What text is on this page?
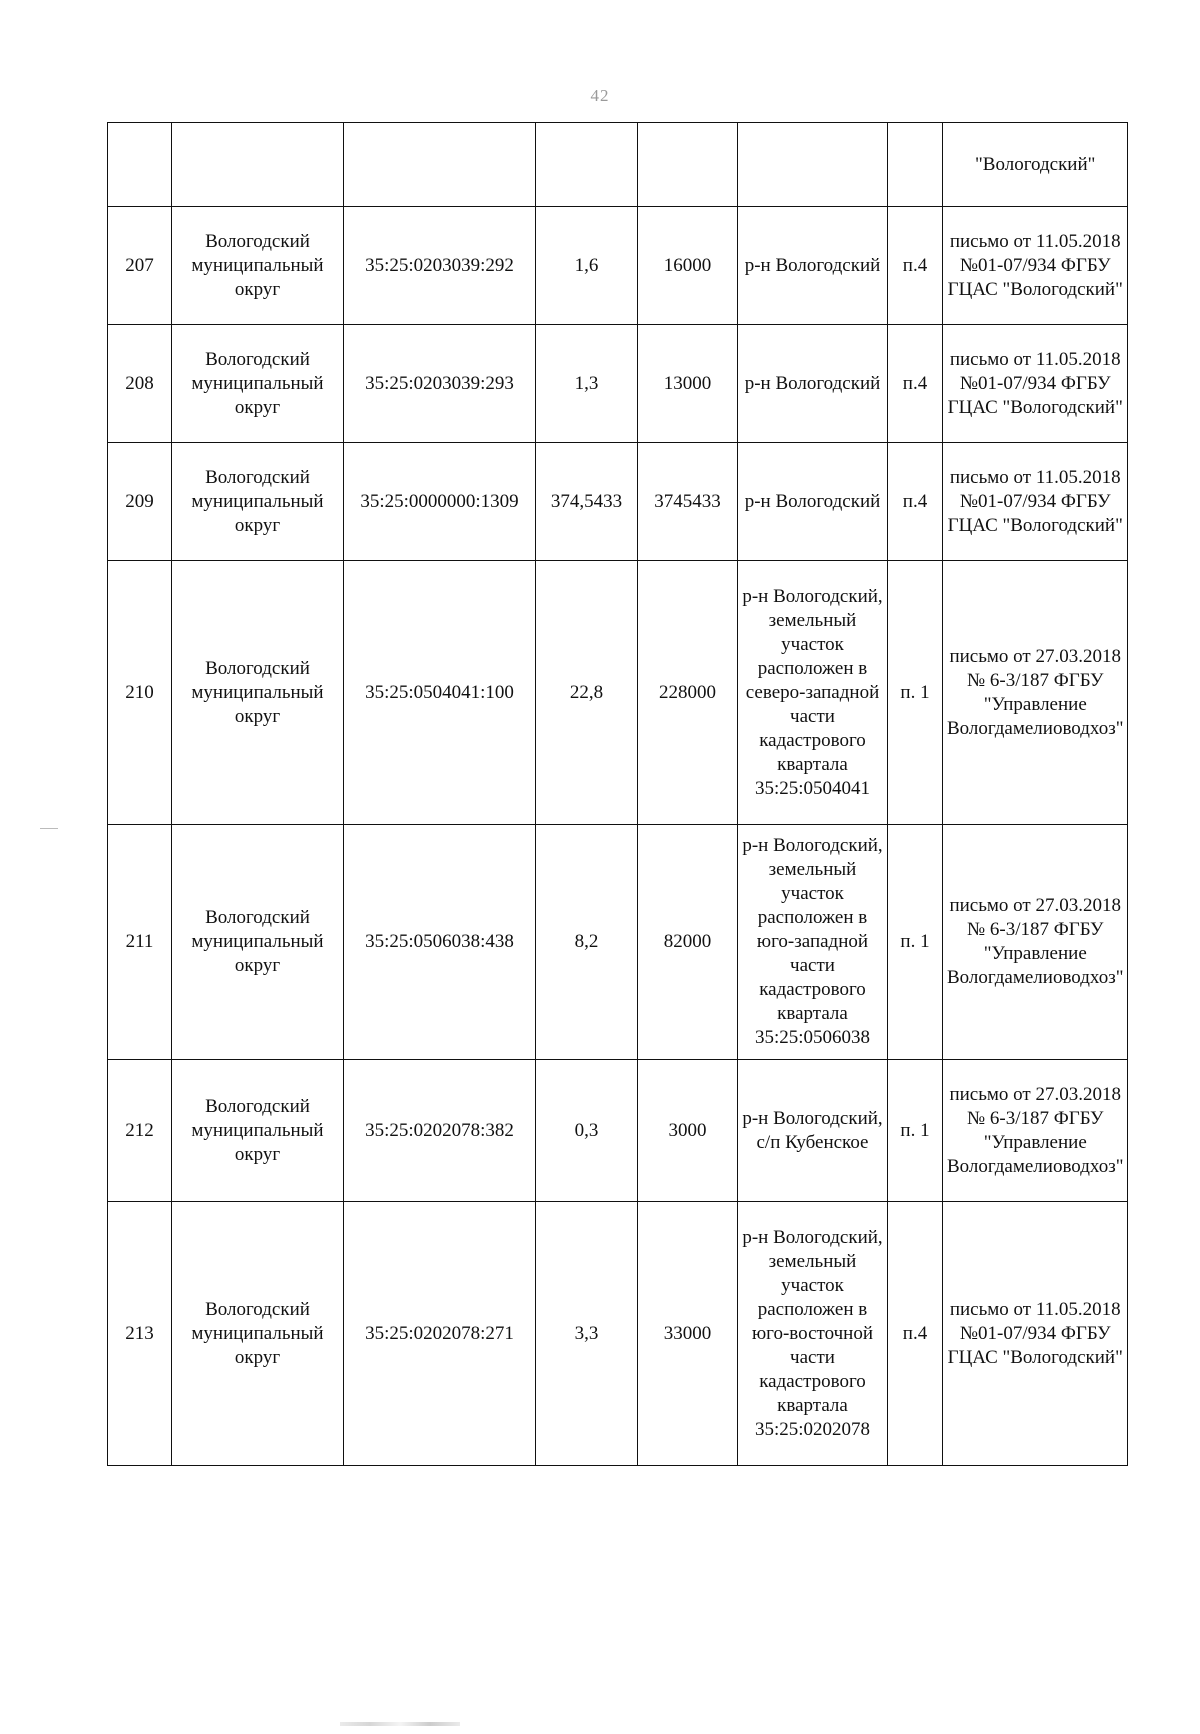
42
							"Вологодский"
207	Вологодский муниципальный округ	35:25:0203039:292	1,6	16000	р-н Вологодский	п.4	письмо от 11.05.2018 №01-07/934 ФГБУ ГЦАС "Вологодский"
208	Вологодский муниципальный округ	35:25:0203039:293	1,3	13000	р-н Вологодский	п.4	письмо от 11.05.2018 №01-07/934 ФГБУ ГЦАС "Вологодский"
209	Вологодский муниципальный округ	35:25:0000000:1309	374,5433	3745433	р-н Вологодский	п.4	письмо от 11.05.2018 №01-07/934 ФГБУ ГЦАС "Вологодский"
210	Вологодский муниципальный округ	35:25:0504041:100	22,8	228000	р-н Вологодский, земельный участок расположен в северо-западной части кадастрового квартала 35:25:0504041	п. 1	письмо от 27.03.2018 № 6-3/187 ФГБУ "Управление Вологдамелиоводхоз"
211	Вологодский муниципальный округ	35:25:0506038:438	8,2	82000	р-н Вологодский, земельный участок расположен в юго-западной части кадастрового квартала 35:25:0506038	п. 1	письмо от 27.03.2018 № 6-3/187 ФГБУ "Управление Вологдамелиоводхоз"
212	Вологодский муниципальный округ	35:25:0202078:382	0,3	3000	р-н Вологодский, с/п Кубенское	п. 1	письмо от 27.03.2018 № 6-3/187 ФГБУ "Управление Вологдамелиоводхоз"
213	Вологодский муниципальный округ	35:25:0202078:271	3,3	33000	р-н Вологодский, земельный участок расположен в юго-восточной части кадастрового квартала 35:25:0202078	п.4	письмо от 11.05.2018 №01-07/934 ФГБУ ГЦАС "Вологодский"
